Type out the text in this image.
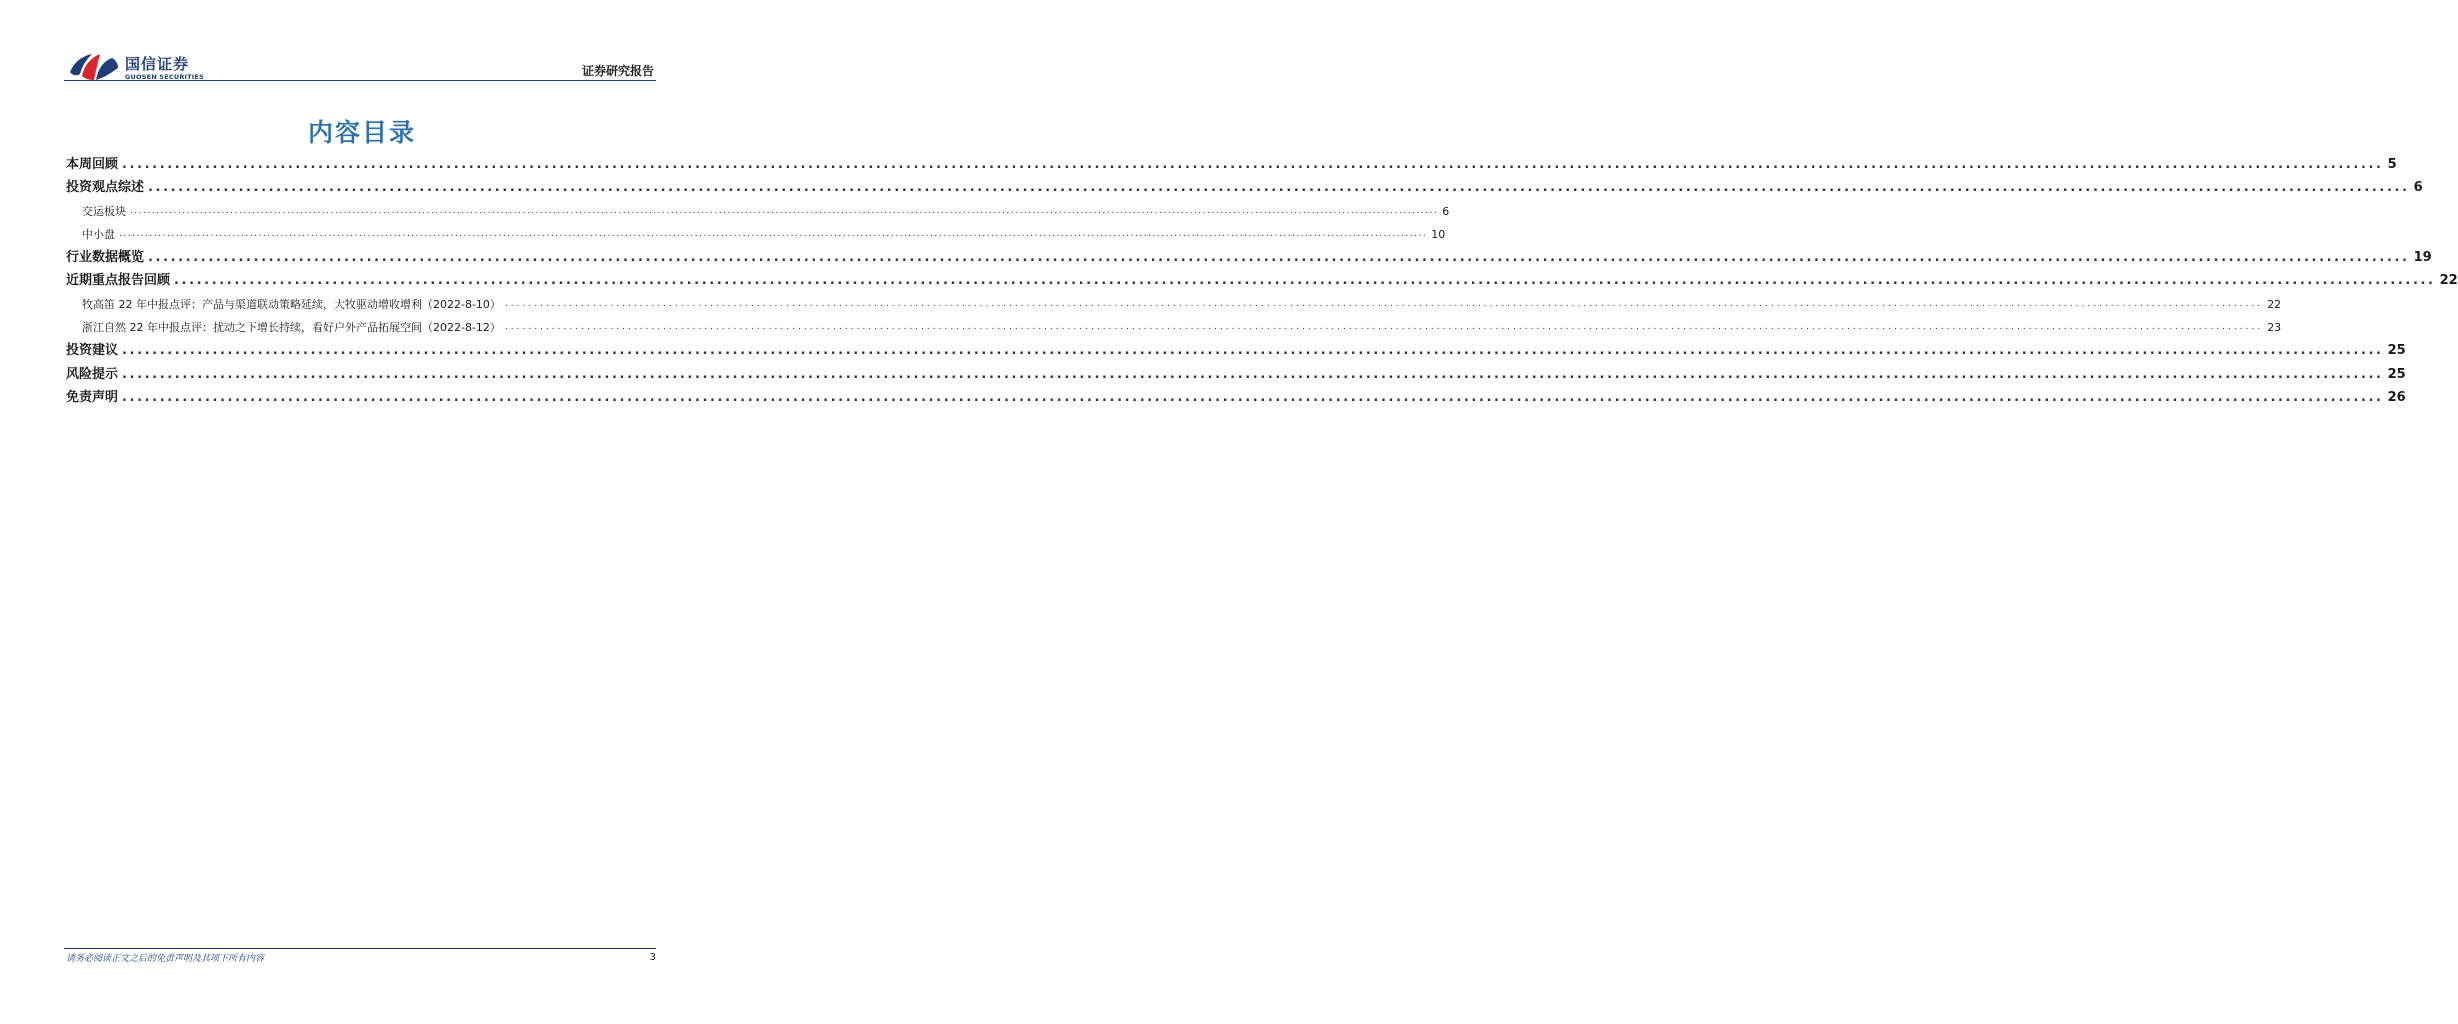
国信证券
GUOSEN SECURITIES	证券研究报告
内容目录
本周回顾 ............................................................................................................................................................................................................................................................................................................ 5
投资观点综述 ............................................................................................................................................................................................................................................................................................................ 6
交运板块 ............................................................................................................................................................................................................................................................................................................ 6
中小盘 ............................................................................................................................................................................................................................................................................................................ 10
行业数据概览 ............................................................................................................................................................................................................................................................................................................ 19
近期重点报告回顾 ............................................................................................................................................................................................................................................................................................................ 22
牧高笛 22 年中报点评：产品与渠道联动策略延续，大牧驱动增收增利（2022-8-10） ............................................................................................................................................................................................................................................................................................................ 22
浙江自然 22 年中报点评：扰动之下增长持续，看好户外产品拓展空间（2022-8-12） ............................................................................................................................................................................................................................................................................................................ 23
投资建议 ............................................................................................................................................................................................................................................................................................................ 25
风险提示 ............................................................................................................................................................................................................................................................................................................ 25
免责声明 ............................................................................................................................................................................................................................................................................................................ 26
请务必阅读正文之后的免责声明及其项下所有内容	3
